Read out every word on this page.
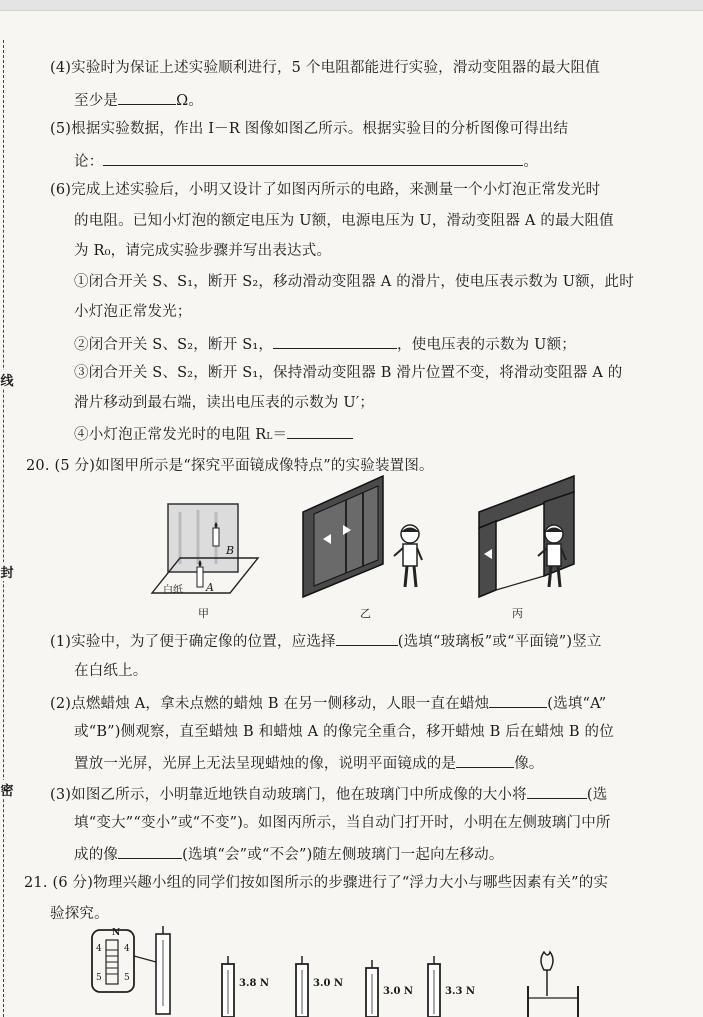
线
封
密
(4)实验时为保证上述实验顺利进行，5 个电阻都能进行实验，滑动变阻器的最大阻值
至少是	Ω。
(5)根据实验数据，作出 I－R 图像如图乙所示。根据实验目的分析图像可得出结
论：	。
(6)完成上述实验后，小明又设计了如图丙所示的电路，来测量一个小灯泡正常发光时
的电阻。已知小灯泡的额定电压为 U额，电源电压为 U，滑动变阻器 A 的最大阻值
为 R₀，请完成实验步骤并写出表达式。
①闭合开关 S、S₁，断开 S₂，移动滑动变阻器 A 的滑片，使电压表示数为 U额，此时
小灯泡正常发光；
②闭合开关 S、S₂，断开 S₁，	，使电压表的示数为 U额；
③闭合开关 S、S₂，断开 S₁，保持滑动变阻器 B 滑片位置不变，将滑动变阻器 A 的
滑片移动到最右端，读出电压表的示数为 U′；
④小灯泡正常发光时的电阻 RL＝
20. (5 分)如图甲所示是“探究平面镜成像特点”的实验装置图。
白纸 A
B
甲	乙	丙
(1)实验中，为了便于确定像的位置，应选择	(选填“玻璃板”或“平面镜”)竖立
在白纸上。
(2)点燃蜡烛 A，拿未点燃的蜡烛 B 在另一侧移动，人眼一直在蜡烛	(选填“A”
或“B”)侧观察，直至蜡烛 B 和蜡烛 A 的像完全重合，移开蜡烛 B 后在蜡烛 B 的位
置放一光屏，光屏上无法呈现蜡烛的像，说明平面镜成的是	像。
(3)如图乙所示，小明靠近地铁自动玻璃门，他在玻璃门中所成像的大小将	(选
填“变大”“变小”或“不变”)。如图丙所示，当自动门打开时，小明在左侧玻璃门中所
成的像	(选填“会”或“不会”)随左侧玻璃门一起向左移动。
21. (6 分)物理兴趣小组的同学们按如图所示的步骤进行了“浮力大小与哪些因素有关”的实
验探究。
N
4 4
5 5	3.8 N	3.0 N
3.0 N	3.3 N
